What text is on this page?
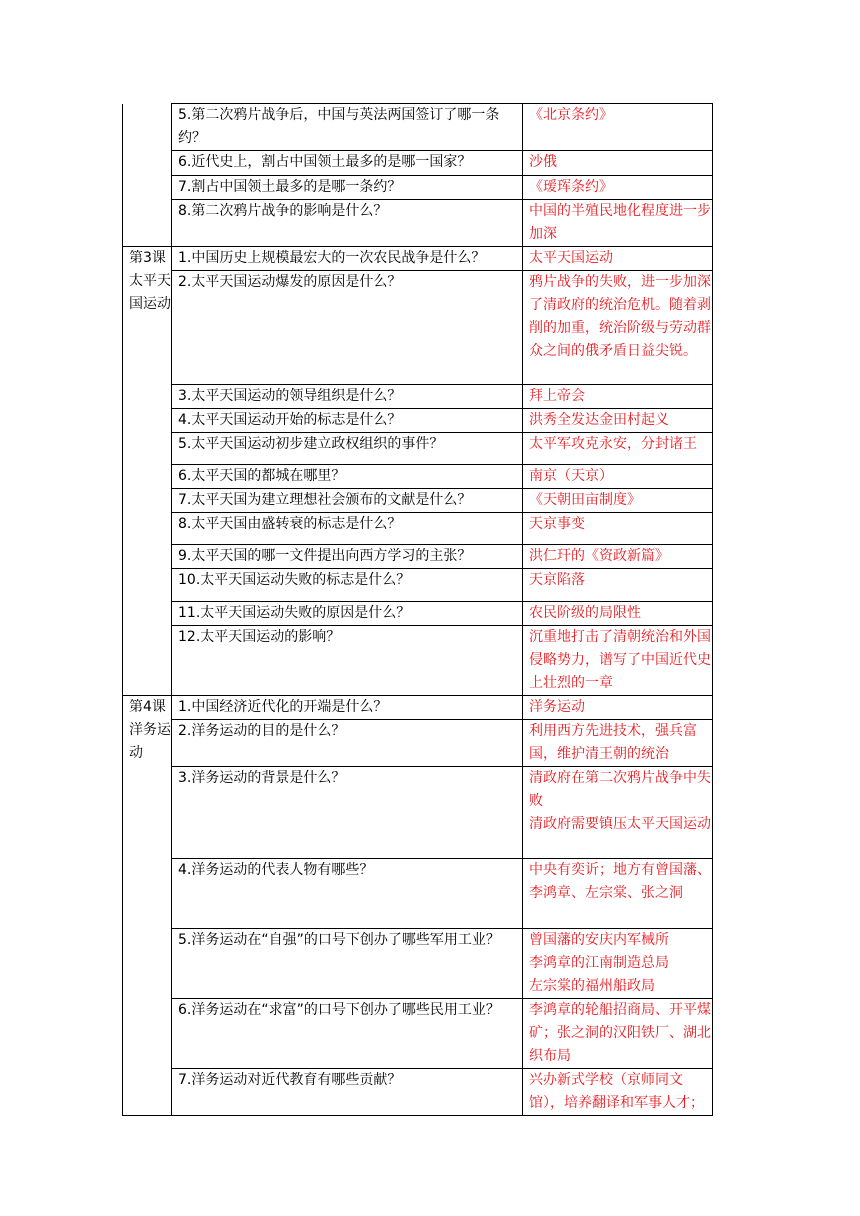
	5.第二次鸦片战争后，中国与英法两国签订了哪一条约？	《北京条约》
	6.近代史上，割占中国领土最多的是哪一国家？	沙俄
	7.割占中国领土最多的是哪一条约？	《瑷珲条约》
	8.第二次鸦片战争的影响是什么？	中国的半殖民地化程度进一步加深
第3课太平天国运动	1.中国历史上规模最宏大的一次农民战争是什么？	太平天国运动
	2.太平天国运动爆发的原因是什么？	鸦片战争的失败，进一步加深了清政府的统治危机。随着剥削的加重，统治阶级与劳动群众之间的俄矛盾日益尖锐。
	3.太平天国运动的领导组织是什么？	拜上帝会
	4.太平天国运动开始的标志是什么？	洪秀全发达金田村起义
	5.太平天国运动初步建立政权组织的事件？	太平军攻克永安，分封诸王
	6.太平天国的都城在哪里？	南京（天京）
	7.太平天国为建立理想社会颁布的文献是什么？	《天朝田亩制度》
	8.太平天国由盛转衰的标志是什么？	天京事变
	9.太平天国的哪一文件提出向西方学习的主张？	洪仁玕的《资政新篇》
	10.太平天国运动失败的标志是什么？	天京陷落
	11.太平天国运动失败的原因是什么？	农民阶级的局限性
	12.太平天国运动的影响？	沉重地打击了清朝统治和外国侵略势力，谱写了中国近代史上壮烈的一章
第4课洋务运动	1.中国经济近代化的开端是什么？	洋务运动
	2.洋务运动的目的是什么？	利用西方先进技术，强兵富国，维护清王朝的统治
	3.洋务运动的背景是什么？	清政府在第二次鸦片战争中失败
清政府需要镇压太平天国运动
	4.洋务运动的代表人物有哪些？	中央有奕䜣；地方有曾国藩、李鸿章、左宗棠、张之洞
	5.洋务运动在“自强”的口号下创办了哪些军用工业？	曾国藩的安庆内军械所
李鸿章的江南制造总局
左宗棠的福州船政局
	6.洋务运动在“求富”的口号下创办了哪些民用工业？	李鸿章的轮船招商局、开平煤矿；张之洞的汉阳铁厂、湖北织布局
	7.洋务运动对近代教育有哪些贡献？	兴办新式学校（京师同文馆），培养翻译和军事人才；
